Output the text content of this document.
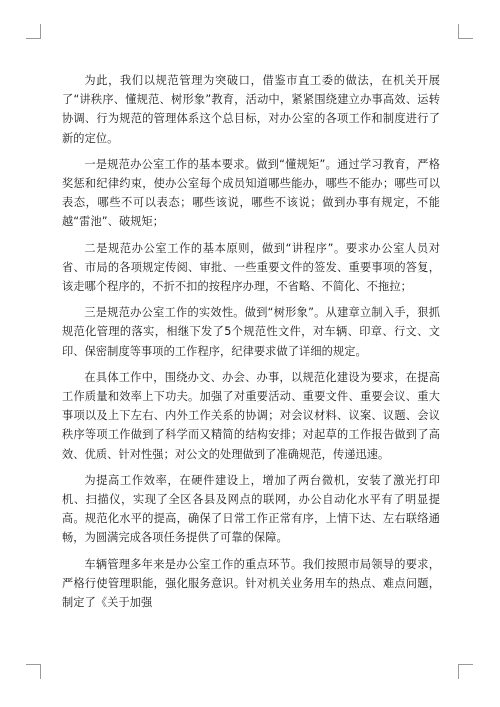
为此，我们以规范管理为突破口，借鉴市直工委的做法，在机关开展了“讲秩序、懂规范、树形象”教育，活动中，紧紧围绕建立办事高效、运转协调、行为规范的管理体系这个总目标，对办公室的各项工作和制度进行了新的定位。

一是规范办公室工作的基本要求。做到“懂规矩”。通过学习教育，严格奖惩和纪律约束，使办公室每个成员知道哪些能办，哪些不能办；哪些可以表态，哪些不可以表态；哪些该说，哪些不该说；做到办事有规定，不能越“雷池”、破规矩；

二是规范办公室工作的基本原则，做到“讲程序”。要求办公室人员对省、市局的各项规定传阅、审批、一些重要文件的签发、重要事项的答复，该走哪个程序的，不折不扣的按程序办理，不省略、不简化、不拖拉；

三是规范办公室工作的实效性。做到“树形象”。从建章立制入手，狠抓规范化管理的落实，相继下发了5个规范性文件，对车辆、印章、行文、文印、保密制度等事项的工作程序，纪律要求做了详细的规定。

在具体工作中，围绕办文、办会、办事，以规范化建设为要求，在提高工作质量和效率上下功夫。加强了对重要活动、重要文件、重要会议、重大事项以及上下左右、内外工作关系的协调；对会议材料、议案、议题、会议秩序等项工作做到了科学而又精简的结构安排；对起草的工作报告做到了高效、优质、针对性强；对公文的处理做到了准确规范，传递迅速。

为提高工作效率，在硬件建设上，增加了两台微机，安装了激光打印机、扫描仪，实现了全区各县及网点的联网，办公自动化水平有了明显提高。规范化水平的提高，确保了日常工作正常有序，上情下达、左右联络通畅，为圆满完成各项任务提供了可靠的保障。

车辆管理多年来是办公室工作的重点环节。我们按照市局领导的要求，严格行使管理职能，强化服务意识。针对机关业务用车的热点、难点问题，制定了《关于加强
